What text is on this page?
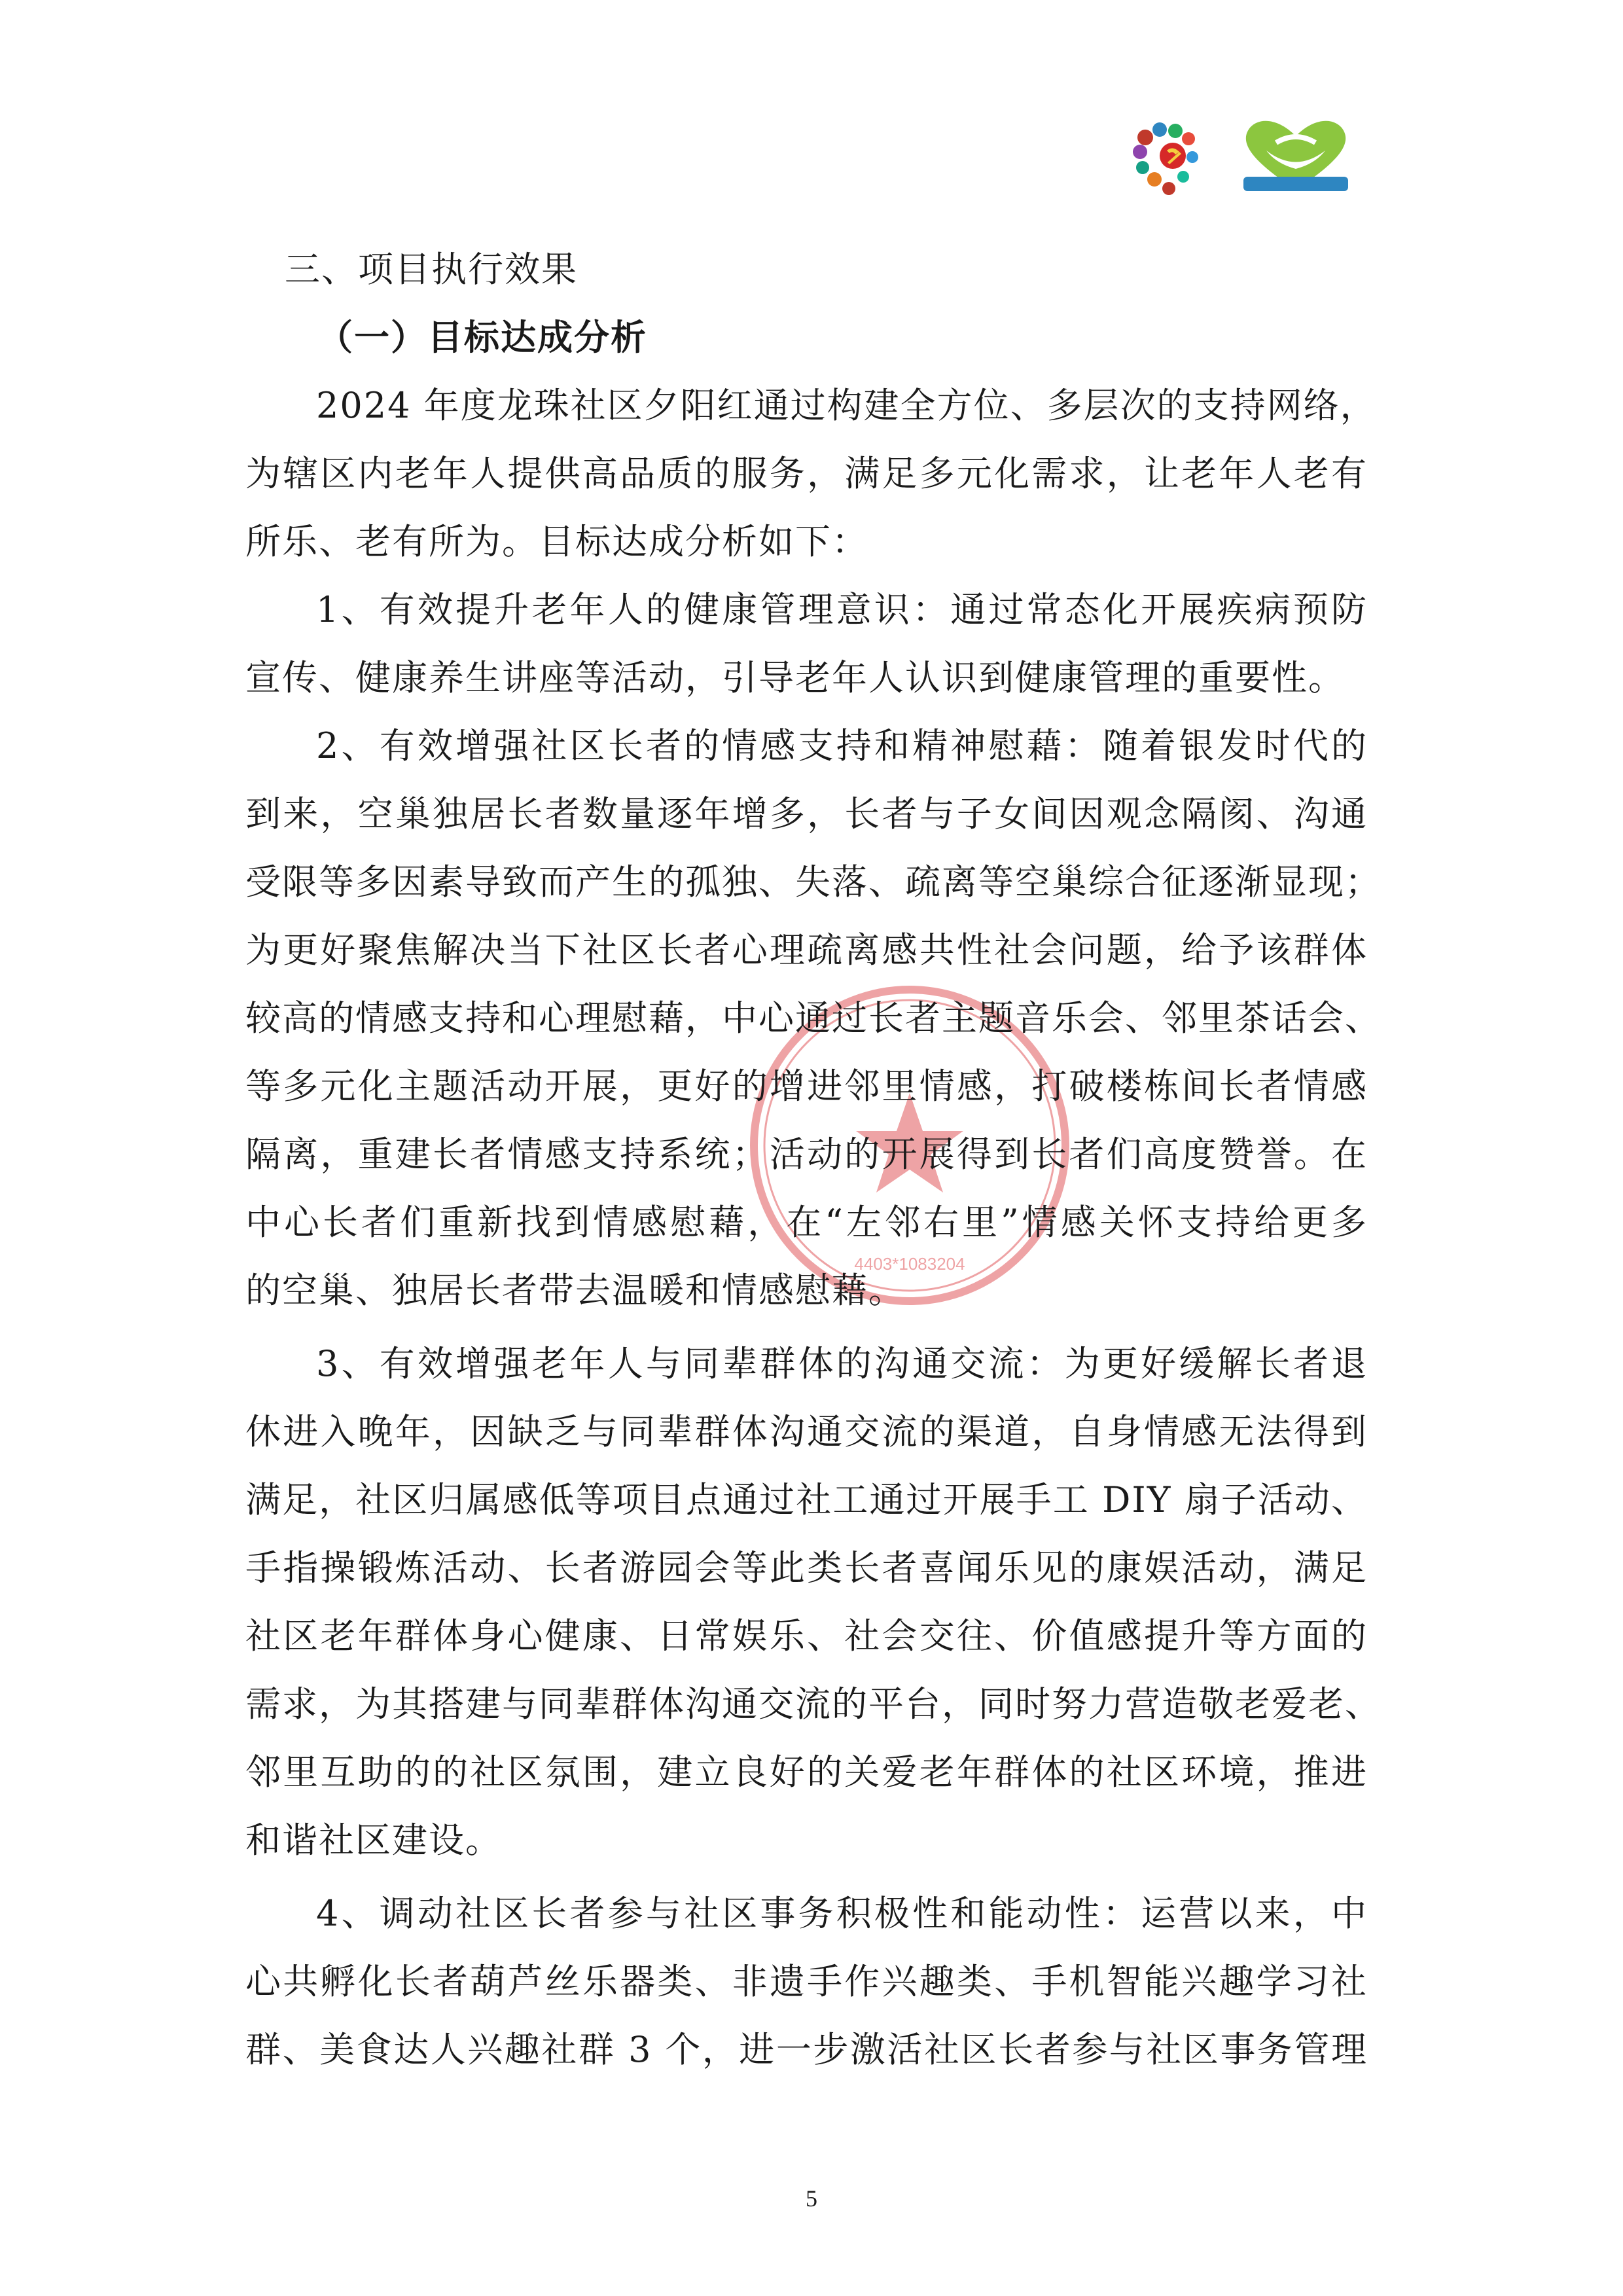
4403*1083204

三、项目执行效果

（一）目标达成分析

2024 年度龙珠社区夕阳红通过构建全方位、多层次的支持网络，

为辖区内老年人提供高品质的服务，满足多元化需求，让老年人老有

所乐、老有所为。目标达成分析如下：

1、有效提升老年人的健康管理意识：通过常态化开展疾病预防

宣传、健康养生讲座等活动，引导老年人认识到健康管理的重要性。

2、有效增强社区长者的情感支持和精神慰藉：随着银发时代的

到来，空巢独居长者数量逐年增多，长者与子女间因观念隔阂、沟通

受限等多因素导致而产生的孤独、失落、疏离等空巢综合征逐渐显现；

为更好聚焦解决当下社区长者心理疏离感共性社会问题，给予该群体

较高的情感支持和心理慰藉，中心通过长者主题音乐会、邻里茶话会、

等多元化主题活动开展，更好的增进邻里情感，打破楼栋间长者情感

隔离，重建长者情感支持系统；活动的开展得到长者们高度赞誉。在

中心长者们重新找到情感慰藉，在“左邻右里”情感关怀支持给更多

的空巢、独居长者带去温暖和情感慰藉。

3、有效增强老年人与同辈群体的沟通交流：为更好缓解长者退

休进入晚年，因缺乏与同辈群体沟通交流的渠道，自身情感无法得到

满足，社区归属感低等项目点通过社工通过开展手工 DIY 扇子活动、

手指操锻炼活动、长者游园会等此类长者喜闻乐见的康娱活动，满足

社区老年群体身心健康、日常娱乐、社会交往、价值感提升等方面的

需求，为其搭建与同辈群体沟通交流的平台，同时努力营造敬老爱老、

邻里互助的的社区氛围，建立良好的关爱老年群体的社区环境，推进

和谐社区建设。

4、调动社区长者参与社区事务积极性和能动性：运营以来，中

心共孵化长者葫芦丝乐器类、非遗手作兴趣类、手机智能兴趣学习社

群、美食达人兴趣社群 3 个，进一步激活社区长者参与社区事务管理

5
